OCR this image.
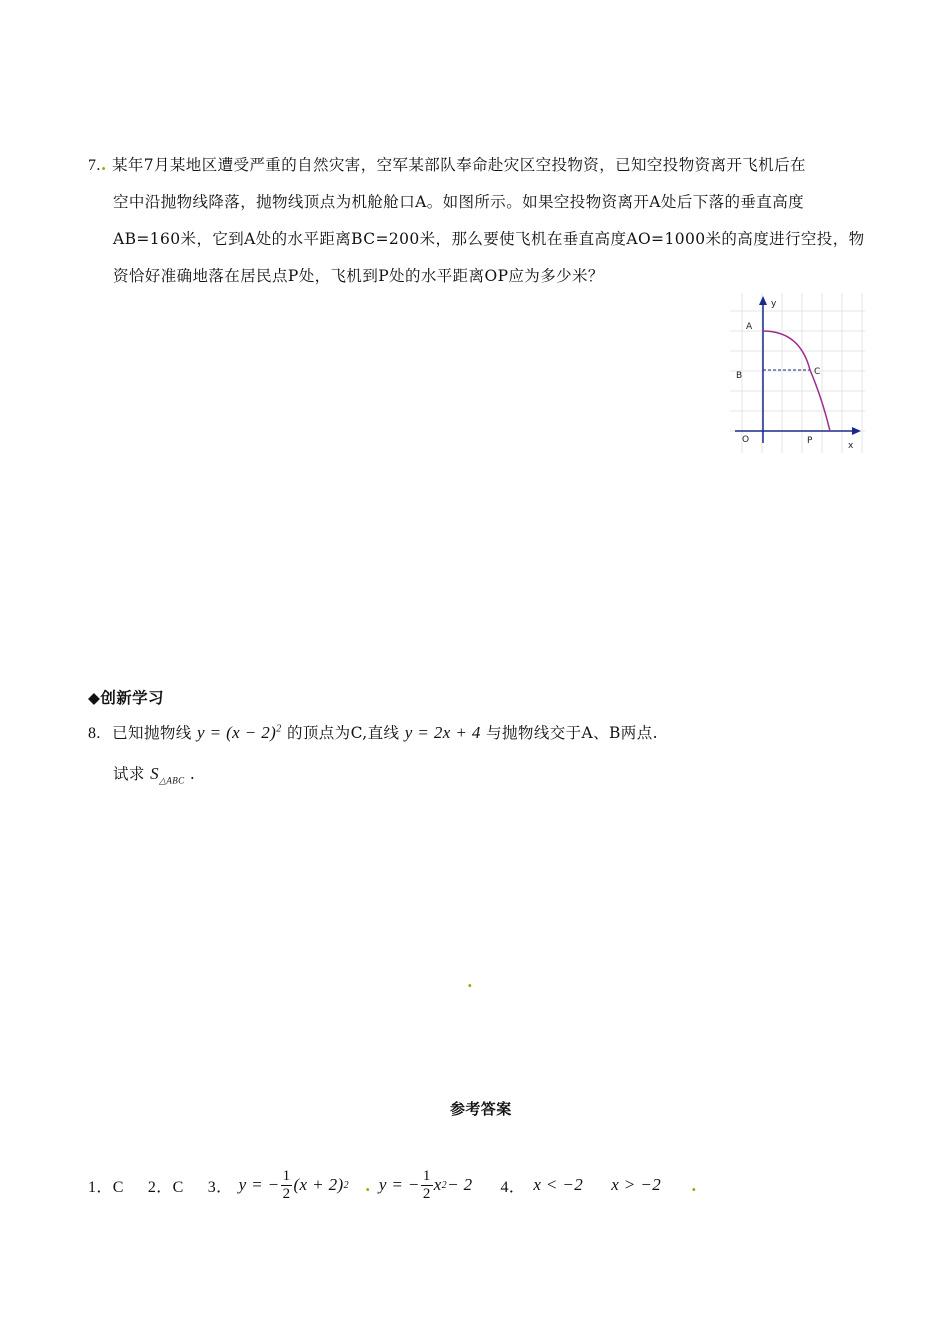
7.. 某年7月某地区遭受严重的自然灾害，空军某部队奉命赴灾区空投物资，已知空投物资离开飞机后在
空中沿抛物线降落，抛物线顶点为机舱舱口A。如图所示。如果空投物资离开A处后下落的垂直高度
AB=160米，它到A处的水平距离BC=200米，那么要使飞机在垂直高度AO=1000米的高度进行空投，物
资恰好准确地落在居民点P处，飞机到P处的水平距离OP应为多少米？
y
A
B	C
O	P	x
◆创新学习
8. 已知抛物线 $y = (x - 2)^2$ 的顶点为C,直线 y = 2x + 4 与抛物线交于A、B两点.
试求 $S_{\triangle ABC}$ .
.
参考答案
1．C 2．C 3． y = − $\frac{1}{2} (x + 2)$ 2 . y = − $\frac{1}{2}$ x 2 − 2 4． x < −2 x > −2 .
